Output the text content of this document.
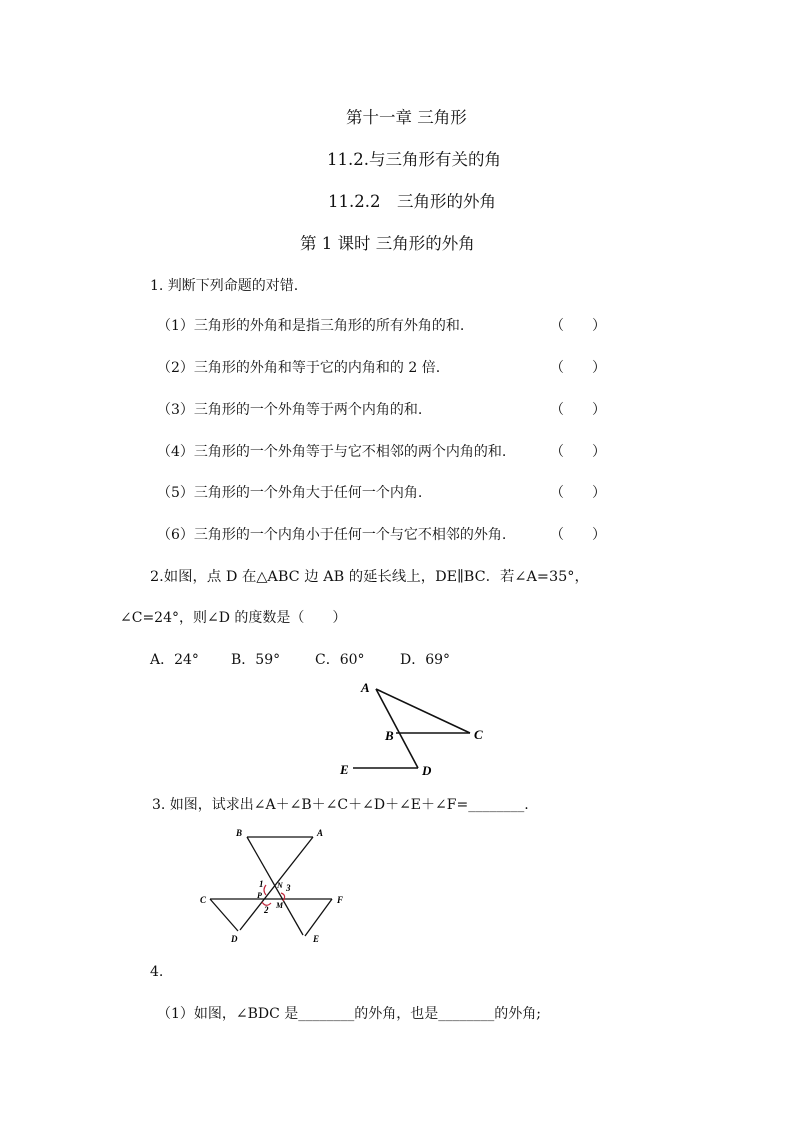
第十一章 三角形
11.2.与三角形有关的角
11.2.2　三角形的外角
第 1 课时 三角形的外角
1. 判断下列命题的对错.
（1）三角形的外角和是指三角形的所有外角的和.	（　　）
（2）三角形的外角和等于它的内角和的 2 倍.	（　　）
（3）三角形的一个外角等于两个内角的和.	（　　）
（4）三角形的一个外角等于与它不相邻的两个内角的和.	（　　）
（5）三角形的一个外角大于任何一个内角.	（　　）
（6）三角形的一个内角小于任何一个与它不相邻的外角.	（　　）
2.如图，点 D 在△ABC 边 AB 的延长线上，DE∥BC．若∠A=35°，
∠C=24°，则∠D 的度数是（　　）
A．24° B．59° C．60°	D．69°
A
B	C
E	D
3. 如图，试求出∠A＋∠B＋∠C＋∠D＋∠E＋∠F=________.
B	A
C	F
D	E
N
M
P
1
2
3
4.
（1）如图，∠BDC 是________的外角，也是________的外角;
